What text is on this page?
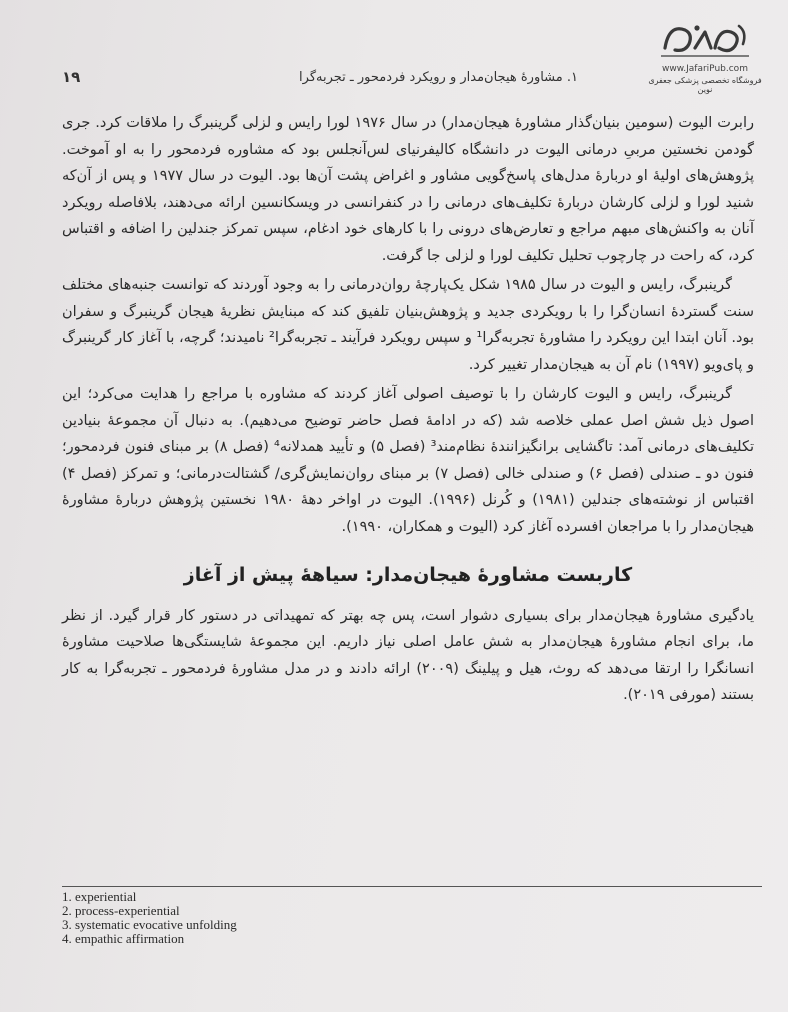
www.JafariPub.com
فروشگاه تخصصی پزشکی جعفری نوین
۱. مشاورهٔ هیجان‌مدار و رویکرد فردمحور ـ تجربه‌گرا
۱۹

رابرت الیوت (سومین بنیان‌گذار مشاورهٔ هیجان‌مدار) در سال ۱۹۷۶ لورا رایس و لزلی گرینبرگ را ملاقات کرد. جری گودمن نخستین مربیِ درمانی الیوت در دانشگاه کالیفرنیای لس‌آنجلس بود که مشاوره فردمحور را به او آموخت. پژوهش‌های اولیهٔ او دربارهٔ مدل‌های پاسخ‌گویی مشاور و اغراض پشت آن‌ها بود. الیوت در سال ۱۹۷۷ و پس از آن‌که شنید لورا و لزلی کارشان دربارهٔ تکلیف‌های درمانی را در کنفرانسی در ویسکانسین ارائه می‌دهند، بلافاصله رویکرد آنان به واکنش‌های مبهم مراجع و تعارض‌های درونی را با کارهای خود ادغام، سپس تمرکز جندلین را اضافه و اقتباس کرد، که راحت در چارچوب تحلیل تکلیف لورا و لزلی جا گرفت.

گرینبرگ، رایس و الیوت در سال ۱۹۸۵ شکل یک‌پارچهٔ روان‌درمانی را به وجود آوردند که توانست جنبه‌های مختلف سنت گستردهٔ انسان‌گرا را با رویکردی جدید و پژوهش‌بنیان تلفیق کند که مبنایش نظریهٔ هیجان گرینبرگ و سفران بود. آنان ابتدا این رویکرد را مشاورهٔ تجربه‌گرا¹ و سپس رویکرد فرآیند ـ تجربه‌گرا² نامیدند؛ گرچه، با آغاز کار گرینبرگ و پای‌ویو (۱۹۹۷) نام آن به هیجان‌مدار تغییر کرد.

گرینبرگ، رایس و الیوت کارشان را با توصیف اصولی آغاز کردند که مشاوره با مراجع را هدایت می‌کرد؛ این اصول ذیل شش اصل عملی خلاصه شد (که در ادامهٔ فصل حاضر توضیح می‌دهیم). به دنبال آن مجموعهٔ بنیادین تکلیف‌های درمانی آمد: تاگشایی برانگیزانندهٔ نظام‌مند³ (فصل ۵) و تأیید همدلانه⁴ (فصل ۸) بر مبنای فنون فردمحور؛ فنون دو ـ صندلی (فصل ۶) و صندلی خالی (فصل ۷) بر مبنای روان‌نمایش‌گری/ گشتالت‌درمانی؛ و تمرکز (فصل ۴) اقتباس از نوشته‌های جندلین (۱۹۸۱) و کُرنل (۱۹۹۶). الیوت در اواخر دههٔ ۱۹۸۰ نخستین پژوهش دربارهٔ مشاورهٔ هیجان‌مدار را با مراجعان افسرده آغاز کرد (الیوت و همکاران، ۱۹۹۰).

کاربست مشاورهٔ هیجان‌مدار: سیاههٔ پیش از آغاز

یادگیری مشاورهٔ هیجان‌مدار برای بسیاری دشوار است، پس چه بهتر که تمهیداتی در دستور کار قرار گیرد. از نظر ما، برای انجام مشاورهٔ هیجان‌مدار به شش عامل اصلی نیاز داریم. این مجموعهٔ شایستگی‌ها صلاحیت مشاورهٔ انسانگرا را ارتقا می‌دهد که روث، هیل و پیلینگ (۲۰۰۹) ارائه دادند و در مدل مشاورهٔ فردمحور ـ تجربه‌گرا به کار بستند (مورفی ۲۰۱۹).

1. experiential
2. process-experiential
3. systematic evocative unfolding
4. empathic affirmation
